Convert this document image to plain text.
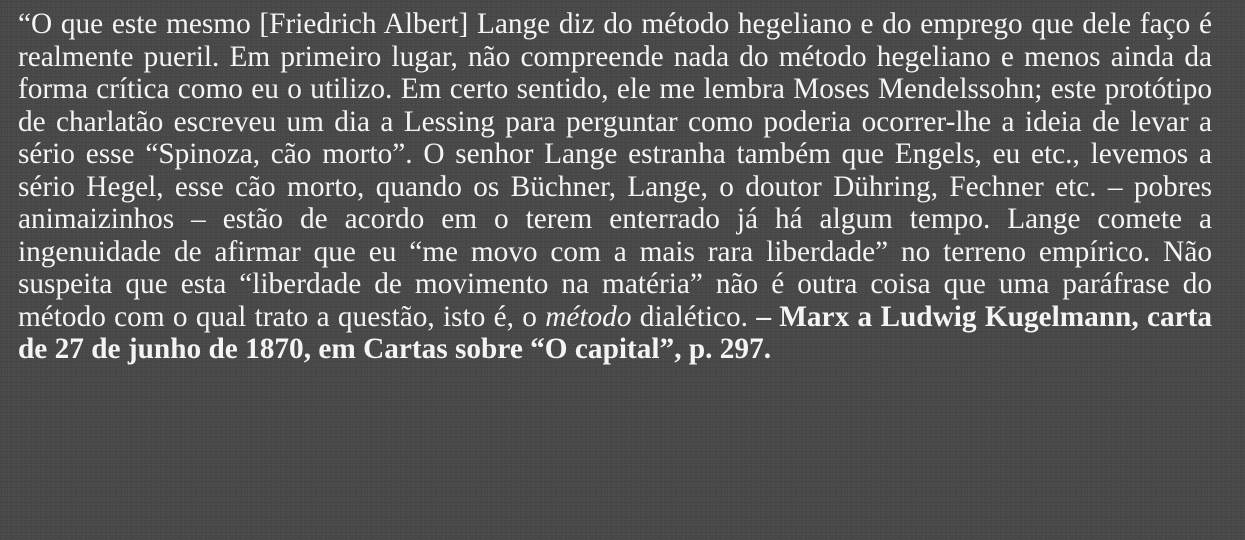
“O que este mesmo [Friedrich Albert] Lange diz do método hegeliano e do emprego que dele faço é realmente pueril. Em primeiro lugar, não compreende nada do método hegeliano e menos ainda da forma crítica como eu o utilizo. Em certo sentido, ele me lembra Moses Mendelssohn; este protótipo de charlatão escreveu um dia a Lessing para perguntar como poderia ocorrer-lhe a ideia de levar a sério esse “Spinoza, cão morto”. O senhor Lange estranha também que Engels, eu etc., levemos a sério Hegel, esse cão morto, quando os Büchner, Lange, o doutor Dühring, Fechner etc. – pobres animaizinhos – estão de acordo em o terem enterrado já há algum tempo. Lange comete a ingenuidade de afirmar que eu “me movo com a mais rara liberdade” no terreno empírico. Não suspeita que esta “liberdade de movimento na matéria” não é outra coisa que uma paráfrase do método com o qual trato a questão, isto é, o método dialético. – Marx a Ludwig Kugelmann, carta de 27 de junho de 1870, em Cartas sobre “O capital”, p. 297.
